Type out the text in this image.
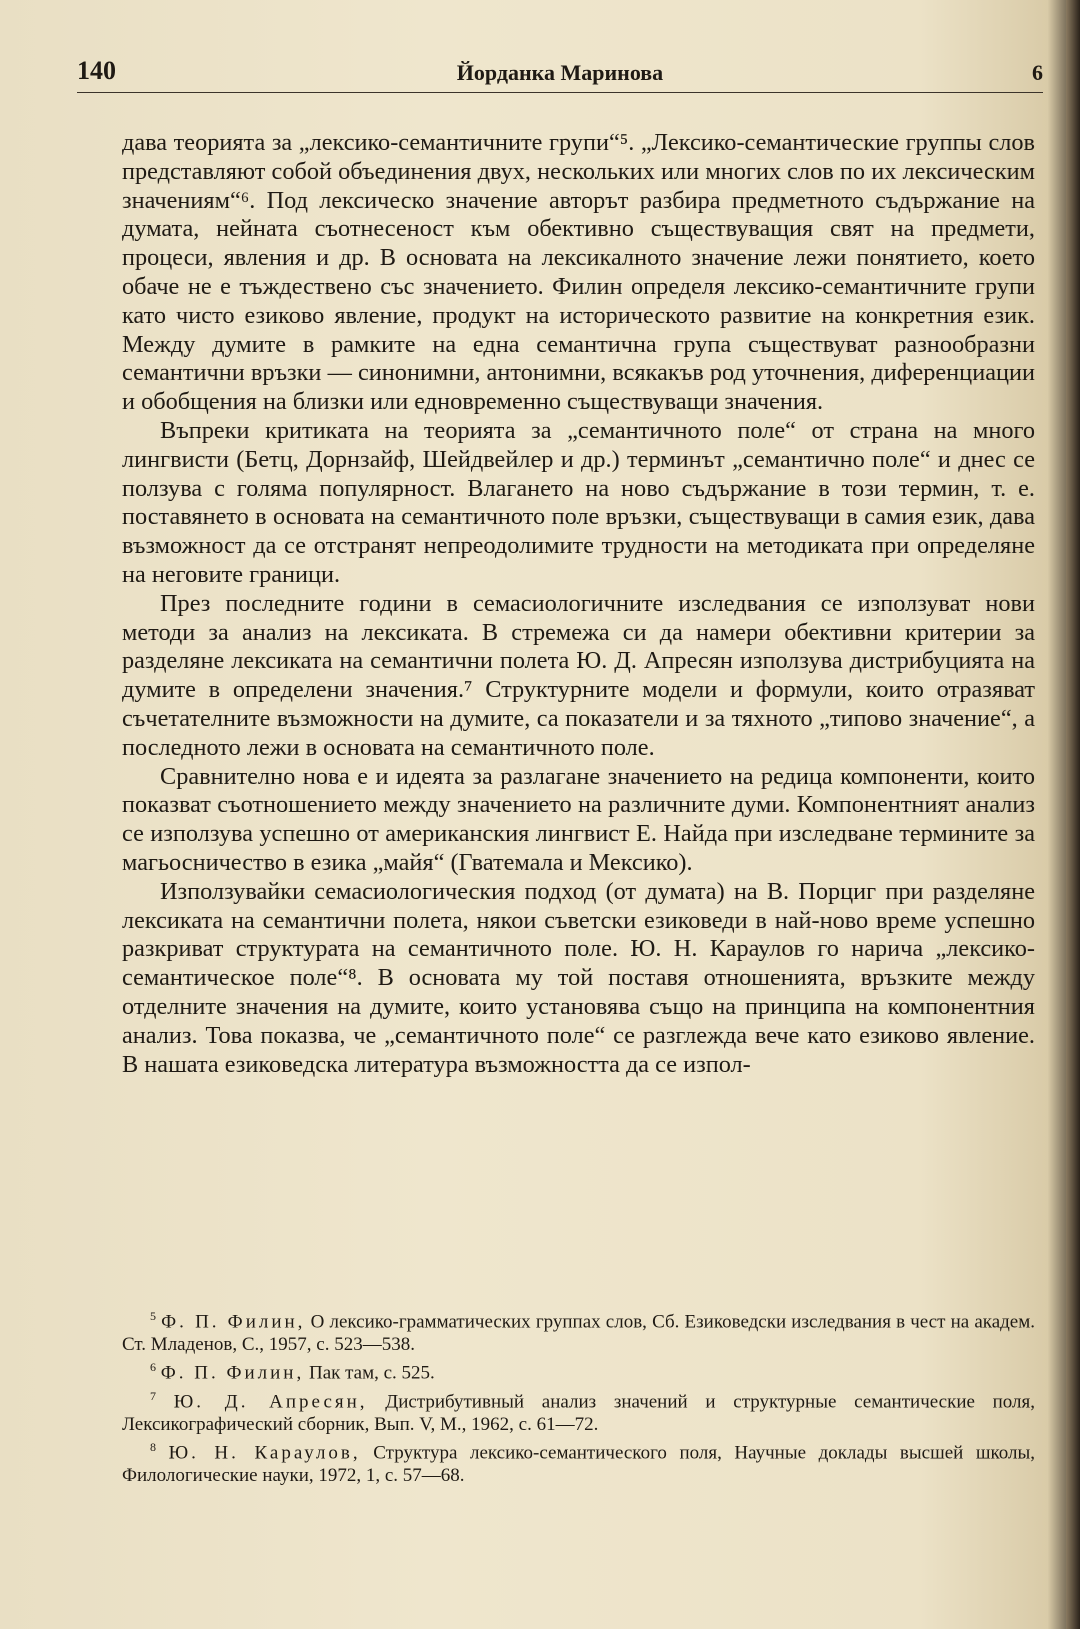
140	Йорданка Маринова	6

дава теорията за „лексико-семантичните групи“⁵. „Лексико-семантические группы слов представляют собой объединения двух, нескольких или многих слов по их лексическим значениям“⁶. Под лексическо значение авторът разбира предметното съдържание на думата, нейната съотнесеност към обективно съществуващия свят на предмети, процеси, явления и др. В основата на лексикалното значение лежи понятието, което обаче не е тъждествено със значението. Филин определя лексико-семантичните групи като чисто езиково явление, продукт на историческото развитие на конкретния език. Между думите в рамките на една семантична група съществуват разнообразни семантични връзки — синонимни, антонимни, всякакъв род уточнения, диференциации и обобщения на близки или едновременно съществуващи значения.

Въпреки критиката на теорията за „семантичното поле“ от страна на много лингвисти (Бетц, Дорнзайф, Шейдвейлер и др.) терминът „семантично поле“ и днес се ползува с голяма популярност. Влагането на ново съдържание в този термин, т. е. поставянето в основата на семантичното поле връзки, съществуващи в самия език, дава възможност да се отстранят непреодолимите трудности на методиката при определяне на неговите граници.

През последните години в семасиологичните изследвания се използуват нови методи за анализ на лексиката. В стремежа си да намери обективни критерии за разделяне лексиката на семантични полета Ю. Д. Апресян използува дистрибуцията на думите в определени значения.⁷ Структурните модели и формули, които отразяват съчетателните възможности на думите, са показатели и за тяхното „типово значение“, а последното лежи в основата на семантичното поле.

Сравнително нова е и идеята за разлагане значението на редица компоненти, които показват съотношението между значението на различните думи. Компонентният анализ се използува успешно от американския лингвист Е. Найда при изследване термините за магьосничество в езика „майя“ (Гватемала и Мексико).

Използувайки семасиологическия подход (от думата) на В. Порциг при разделяне лексиката на семантични полета, някои съветски езиковеди в най-ново време успешно разкриват структурата на семантичното поле. Ю. Н. Караулов го нарича „лексико-семантическое поле“⁸. В основата му той поставя отношенията, връзките между отделните значения на думите, които установява също на принципа на компонентния анализ. Това показва, че „семантичното поле“ се разглежда вече като езиково явление. В нашата езиковедска литература възможността да се изпол-

$^5$ Ф. П. Филин, О лексико-грамматических группах слов, Сб. Езиковедски изследвания в чест на академ. Ст. Младенов, С., 1957, с. 523—538.

$^6$ Ф. П. Филин, Пак там, с. 525.

$^7$ Ю. Д. Апресян, Дистрибутивный анализ значений и структурные семантические поля, Лексикографический сборник, Вып. V, М., 1962, с. 61—72.

$^8$ Ю. Н. Караулов, Структура лексико-семантического поля, Научные доклады высшей школы, Филологические науки, 1972, 1, с. 57—68.
